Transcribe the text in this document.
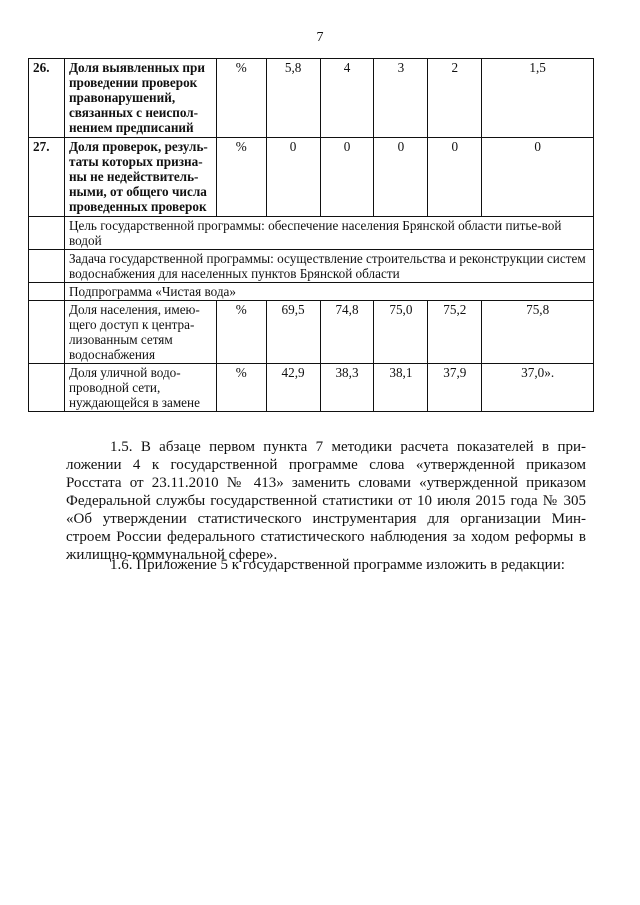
7
26.	Доля выявленных при проведении проверок правонарушений, связанных с неиспол-нением предписаний	%	5,8	4	3	2	1,5
27.	Доля проверок, резуль-таты которых призна-ны не недействитель-ными, от общего числа проведенных проверок	%	0	0	0	0	0
	Цель государственной программы: обеспечение населения Брянской области питье-вой водой						
	Задача государственной программы: осуществление строительства и реконструкции систем водоснабжения для населенных пунктов Брянской области						
	Подпрограмма «Чистая вода»						
	Доля населения, имею-щего доступ к центра-лизованным сетям водоснабжения	%	69,5	74,8	75,0	75,2	75,8
	Доля уличной водо-проводной сети, нуждающейся в замене	%	42,9	38,3	38,1	37,9	37,0».
1.5. В абзаце первом пункта 7 методики расчета показателей в при-ложении 4 к государственной программе слова «утвержденной приказом Росстата от 23.11.2010 № 413» заменить словами «утвержденной приказом Федеральной службы государственной статистики от 10 июля 2015 года № 305 «Об утверждении статистического инструментария для организации Мин-строем России федерального статистического наблюдения за ходом реформы в жилищно-коммунальной сфере».
1.6. Приложение 5 к государственной программе изложить в редакции:
